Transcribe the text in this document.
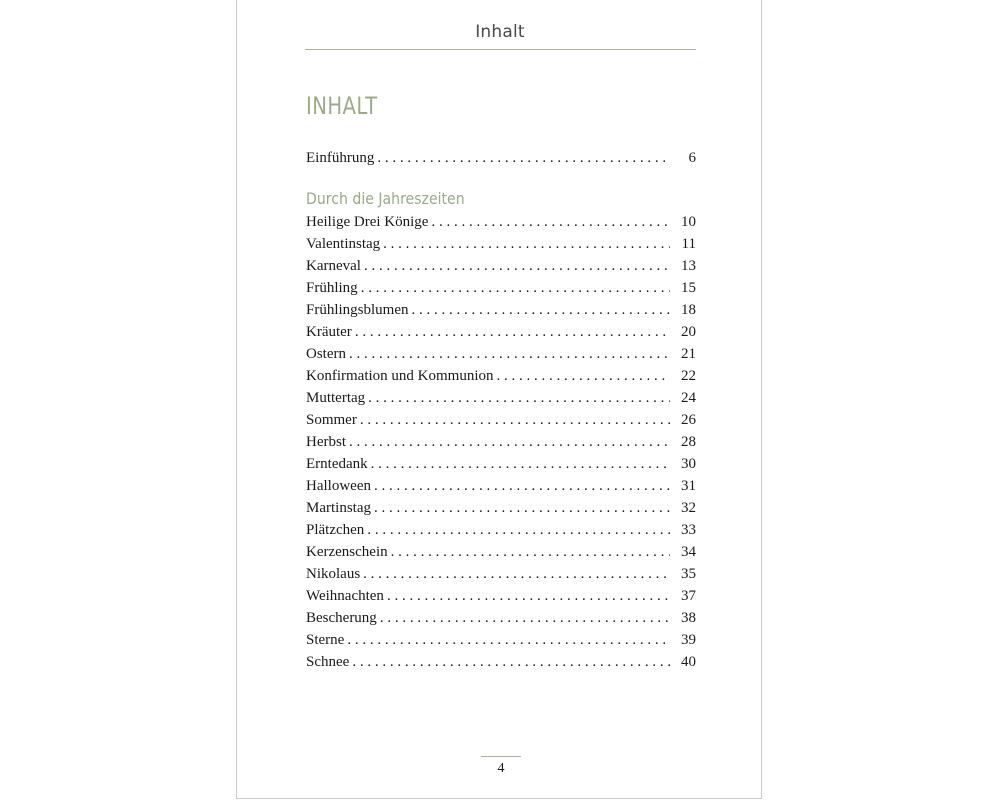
Inhalt
INHALT
Einführung . . .	6
Durch die Jahreszeiten
Heilige Drei Könige . . .	10
Valentinstag . . .	11
Karneval . . .	13
Frühling . . .	15
Frühlingsblumen . . .	18
Kräuter . . .	20
Ostern . . .	21
Konfirmation und Kommunion . . .	22
Muttertag . . .	24
Sommer . . .	26
Herbst . . .	28
Erntedank . . .	30
Halloween . . .	31
Martinstag . . .	32
Plätzchen . . .	33
Kerzenschein . . .	34
Nikolaus . . .	35
Weihnachten . . .	37
Bescherung . . .	38
Sterne . . .	39
Schnee . . .	40
4
